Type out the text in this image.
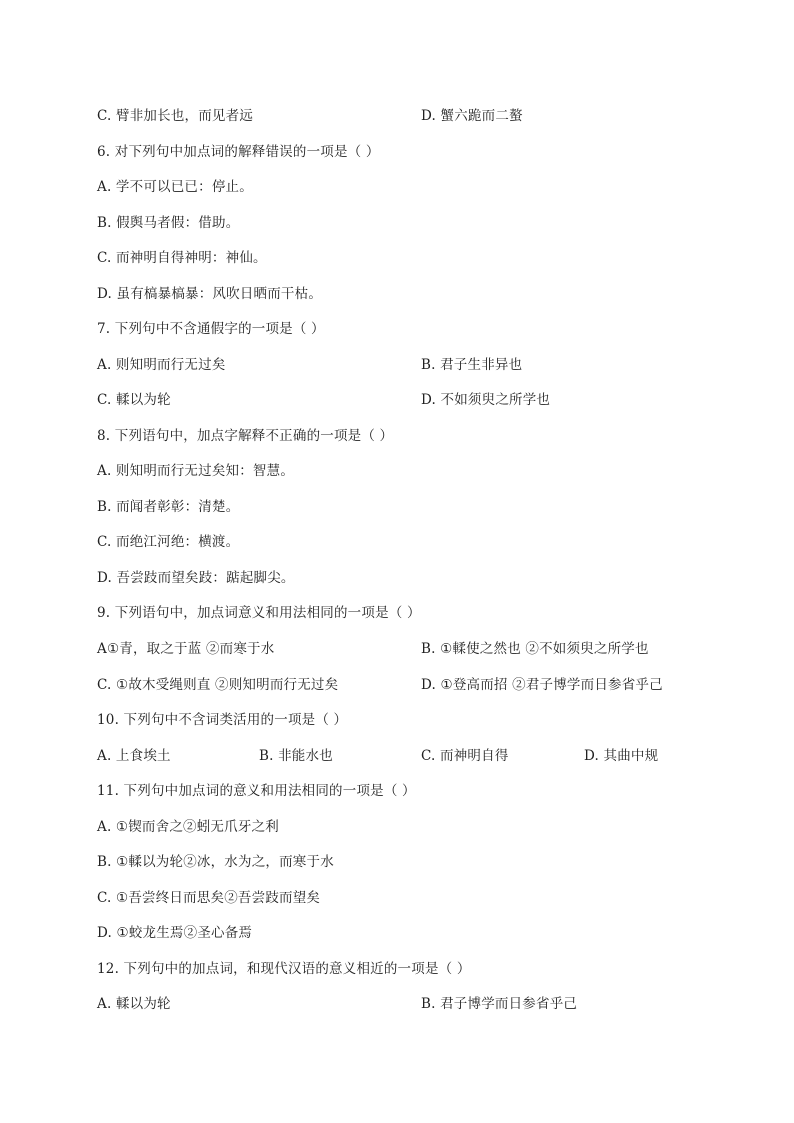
C. 臂非加长也，而见者远	D. 蟹六跪而二螯
6. 对下列句中加点词的解释错误的一项是（ ）
A. 学不可以已已：停止。
B. 假舆马者假：借助。
C. 而神明自得神明：神仙。
D. 虽有槁暴槁暴：风吹日晒而干枯。
7. 下列句中不含通假字的一项是（ ）
A. 则知明而行无过矣	B. 君子生非异也
C. 輮以为轮	D. 不如须臾之所学也
8. 下列语句中，加点字解释不正确的一项是（ ）
A. 则知明而行无过矣知：智慧。
B. 而闻者彰彰：清楚。
C. 而绝江河绝：横渡。
D. 吾尝跂而望矣跂：踮起脚尖。
9. 下列语句中，加点词意义和用法相同的一项是（ ）
A①青，取之于蓝 ②而寒于水	B. ①輮使之然也 ②不如须臾之所学也
C. ①故木受绳则直 ②则知明而行无过矣	D. ①登高而招 ②君子博学而日参省乎己
10. 下列句中不含词类活用的一项是（ ）
A. 上食埃土	B. 非能水也	C. 而神明自得	D. 其曲中规
11. 下列句中加点词的意义和用法相同的一项是（ ）
A. ①锲而舍之②蚓无爪牙之利
B. ①輮以为轮②冰，水为之，而寒于水
C. ①吾尝终日而思矣②吾尝跂而望矣
D. ①蛟龙生焉②圣心备焉
12. 下列句中的加点词，和现代汉语的意义相近的一项是（ ）
A. 輮以为轮	B. 君子博学而日参省乎己
